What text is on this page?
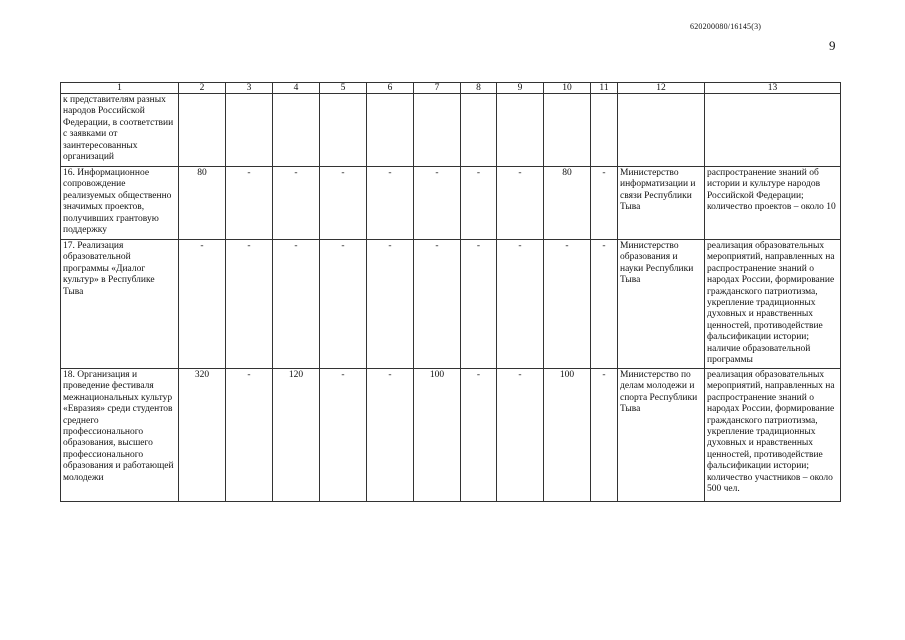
620200080/16145(3)
9
1	2	3	4	5	6	7	8	9	10	11	12	13
к представителям разных народов Российской Федерации, в соответствии с заявками от заинтересованных организаций												
16. Информационное сопровождение реализуемых общественно значимых проектов, получивших грантовую поддержку	80	-	-	-	-	-	-	-	80	-	Министерство информатизации и связи Республики Тыва	распространение знаний об истории и культуре народов Российской Федерации; количество проектов – около 10
17. Реализация образовательной программы «Диалог культур» в Республике Тыва	-	-	-	-	-	-	-	-	-	-	Министерство образования и науки Республики Тыва	реализация образовательных мероприятий, направленных на распространение знаний о народах России, формирование гражданского патриотизма, укрепление традиционных духовных и нравственных ценностей, противодействие фальсификации истории; наличие образовательной программы
18. Организация и проведение фестиваля межнациональных культур «Евразия» среди студентов среднего профессионального образования, высшего профессионального образования и работающей молодежи	320	-	120	-	-	100	-	-	100	-	Министерство по делам молодежи и спорта Республики Тыва	реализация образовательных мероприятий, направленных на распространение знаний о народах России, формирование гражданского патриотизма, укрепление традиционных духовных и нравственных ценностей, противодействие фальсификации истории; количество участников – около 500 чел.
